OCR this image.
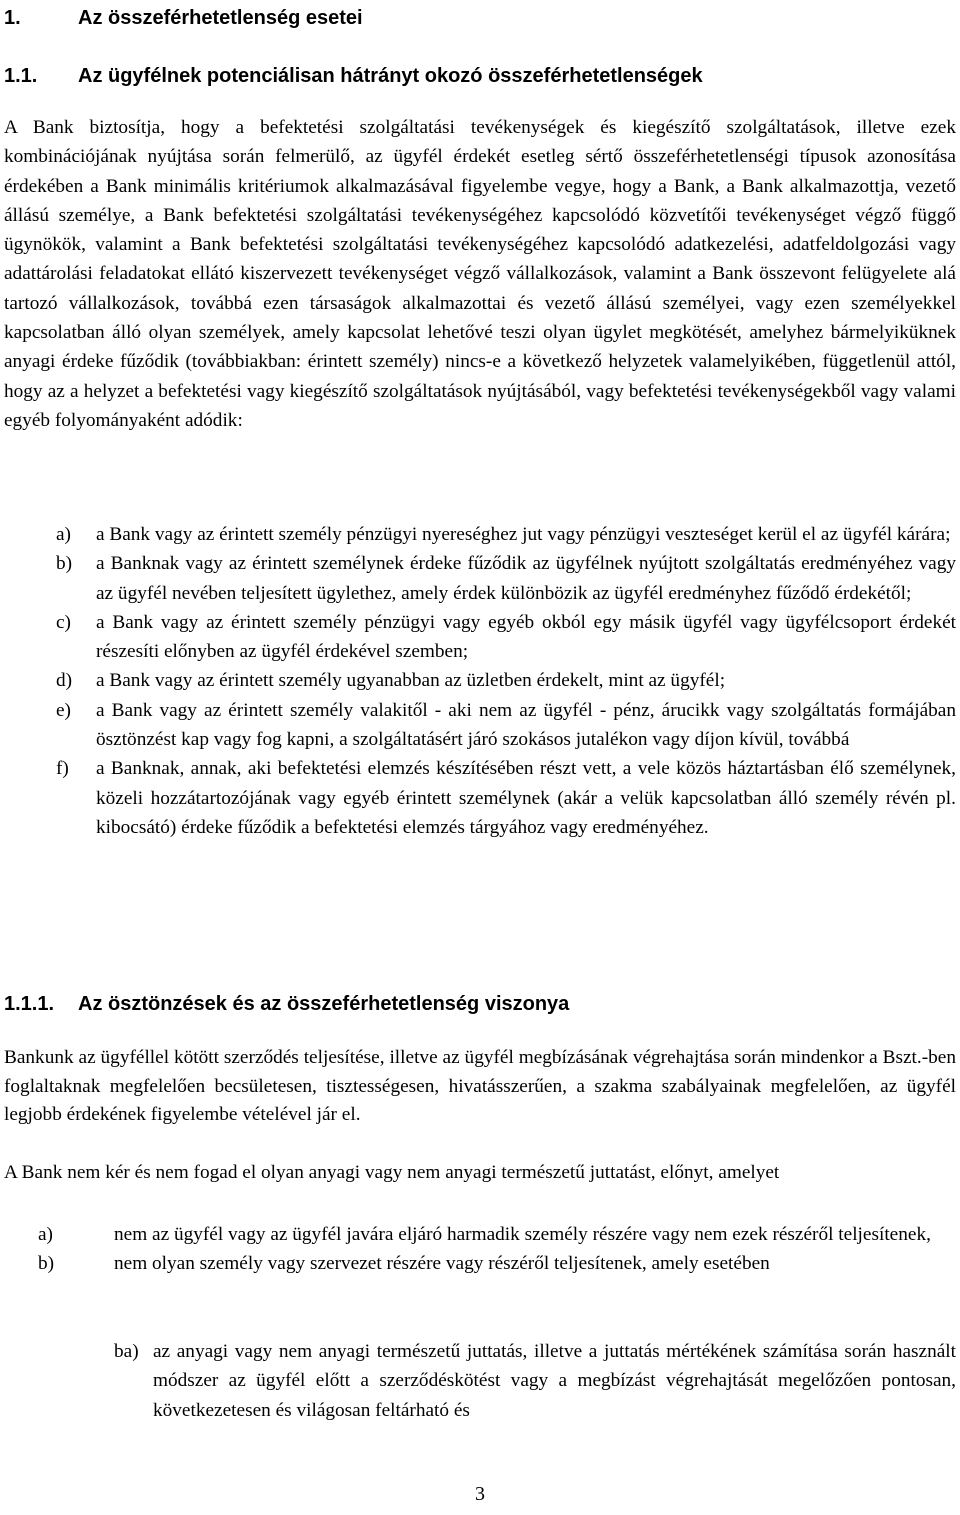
1.	Az összeférhetetlenség esetei
1.1. Az ügyfélnek potenciálisan hátrányt okozó összeférhetetlenségek

A Bank biztosítja, hogy a befektetési szolgáltatási tevékenységek és kiegészítő szolgáltatások, illetve ezek kombinációjának nyújtása során felmerülő, az ügyfél érdekét esetleg sértő összeférhetetlenségi típusok azonosítása érdekében a Bank minimális kritériumok alkalmazásával figyelembe vegye, hogy a Bank, a Bank alkalmazottja, vezető állású személye, a Bank befektetési szolgáltatási tevékenységéhez kapcsolódó közvetítői tevékenységet végző függő ügynökök, valamint a Bank befektetési szolgáltatási tevékenységéhez kapcsolódó adatkezelési, adatfeldolgozási vagy adattárolási feladatokat ellátó kiszervezett tevékenységet végző vállalkozások, valamint a Bank összevont felügyelete alá tartozó vállalkozások, továbbá ezen társaságok alkalmazottai és vezető állású személyei, vagy ezen személyekkel kapcsolatban álló olyan személyek, amely kapcsolat lehetővé teszi olyan ügylet megkötését, amelyhez bármelyiküknek anyagi érdeke fűződik (továbbiakban: érintett személy) nincs-e a következő helyzetek valamelyikében, függetlenül attól, hogy az a helyzet a befektetési vagy kiegészítő szolgáltatások nyújtásából, vagy befektetési tevékenységekből vagy valami egyéb folyományaként adódik:

a) a Bank vagy az érintett személy pénzügyi nyereséghez jut vagy pénzügyi veszteséget kerül el az ügyfél kárára;
b) a Banknak vagy az érintett személynek érdeke fűződik az ügyfélnek nyújtott szolgáltatás eredményéhez vagy az ügyfél nevében teljesített ügylethez, amely érdek különbözik az ügyfél eredményhez fűződő érdekétől;
c) a Bank vagy az érintett személy pénzügyi vagy egyéb okból egy másik ügyfél vagy ügyfélcsoport érdekét részesíti előnyben az ügyfél érdekével szemben;
d) a Bank vagy az érintett személy ugyanabban az üzletben érdekelt, mint az ügyfél;
e) a Bank vagy az érintett személy valakitől - aki nem az ügyfél - pénz, árucikk vagy szolgáltatás formájában ösztönzést kap vagy fog kapni, a szolgáltatásért járó szokásos jutalékon vagy díjon kívül, továbbá
f) a Banknak, annak, aki befektetési elemzés készítésében részt vett, a vele közös háztartásban élő személynek, közeli hozzátartozójának vagy egyéb érintett személynek (akár a velük kapcsolatban álló személy révén pl. kibocsátó) érdeke fűződik a befektetési elemzés tárgyához vagy eredményéhez.
1.1.1. Az ösztönzések és az összeférhetetlenség viszonya

Bankunk az ügyféllel kötött szerződés teljesítése, illetve az ügyfél megbízásának végrehajtása során mindenkor a Bszt.-ben foglaltaknak megfelelően becsületesen, tisztességesen, hivatásszerűen, a szakma szabályainak megfelelően, az ügyfél legjobb érdekének figyelembe vételével jár el.

A Bank nem kér és nem fogad el olyan anyagi vagy nem anyagi természetű juttatást, előnyt, amelyet

a)	nem az ügyfél vagy az ügyfél javára eljáró harmadik személy részére vagy nem ezek részéről teljesítenek,
b)	nem olyan személy vagy szervezet részére vagy részéről teljesítenek, amely esetében
ba) az anyagi vagy nem anyagi természetű juttatás, illetve a juttatás mértékének számítása során használt módszer az ügyfél előtt a szerződéskötést vagy a megbízást végrehajtását megelőzően pontosan, következetesen és világosan feltárható és
3
